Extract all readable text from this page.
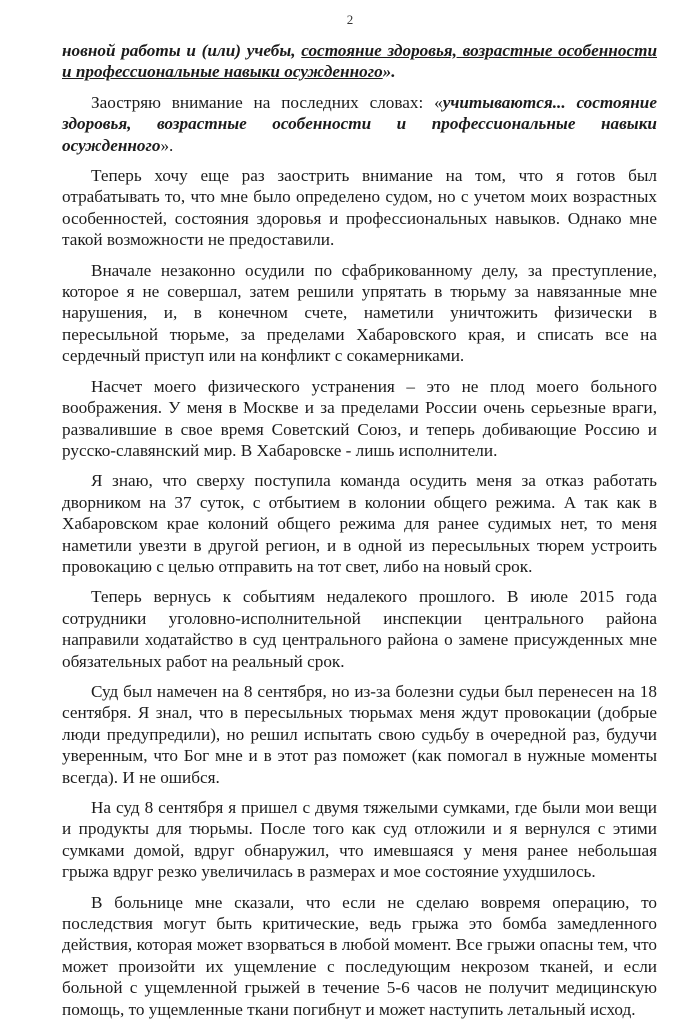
2

новной работы и (или) учебы, состояние здоровья, возрастные особенности и профессиональные навыки осужденного».

Заостряю внимание на последних словах: «учитываются... состояние здоровья, возрастные особенности и профессиональные навыки осужденного».

Теперь хочу еще раз заострить внимание на том, что я готов был отрабатывать то, что мне было определено судом, но с учетом моих возрастных особенностей, состояния здоровья и профессиональных навыков. Однако мне такой возможности не предоставили.

Вначале незаконно осудили по сфабрикованному делу, за преступление, которое я не совершал, затем решили упрятать в тюрьму за навязанные мне нарушения, и, в конечном счете, наметили уничтожить физически в пересыльной тюрьме, за пределами Хабаровского края, и списать все на сердечный приступ или на конфликт с сокамерниками.

Насчет моего физического устранения – это не плод моего больного воображения. У меня в Москве и за пределами России очень серьезные враги, развалившие в свое время Советский Союз, и теперь добивающие Россию и русско-славянский мир. В Хабаровске - лишь исполнители.

Я знаю, что сверху поступила команда осудить меня за отказ работать дворником на 37 суток, с отбытием в колонии общего режима. А так как в Хабаровском крае колоний общего режима для ранее судимых нет, то меня наметили увезти в другой регион, и в одной из пересыльных тюрем устроить провокацию с целью отправить на тот свет, либо на новый срок.

Теперь вернусь к событиям недалекого прошлого. В июле 2015 года сотрудники уголовно-исполнительной инспекции центрального района направили ходатайство в суд центрального района о замене присужденных мне обязательных работ на реальный срок.

Суд был намечен на 8 сентября, но из-за болезни судьи был перенесен на 18 сентября. Я знал, что в пересыльных тюрьмах меня ждут провокации (добрые люди предупредили), но решил испытать свою судьбу в очередной раз, будучи уверенным, что Бог мне и в этот раз поможет (как помогал в нужные моменты всегда). И не ошибся.

На суд 8 сентября я пришел с двумя тяжелыми сумками, где были мои вещи и продукты для тюрьмы. После того как суд отложили и я вернулся с этими сумками домой, вдруг обнаружил, что имевшаяся у меня ранее небольшая грыжа вдруг резко увеличилась в размерах и мое состояние ухудшилось.

В больнице мне сказали, что если не сделаю вовремя операцию, то последствия могут быть критические, ведь грыжа это бомба замедленного действия, которая может взорваться в любой момент. Все грыжи опасны тем, что может произойти их ущемление с последующим некрозом тканей, и если больной с ущемленной грыжей в течение 5-6 часов не получит медицинскую помощь, то ущемленные ткани погибнут и может наступить летальный исход.
